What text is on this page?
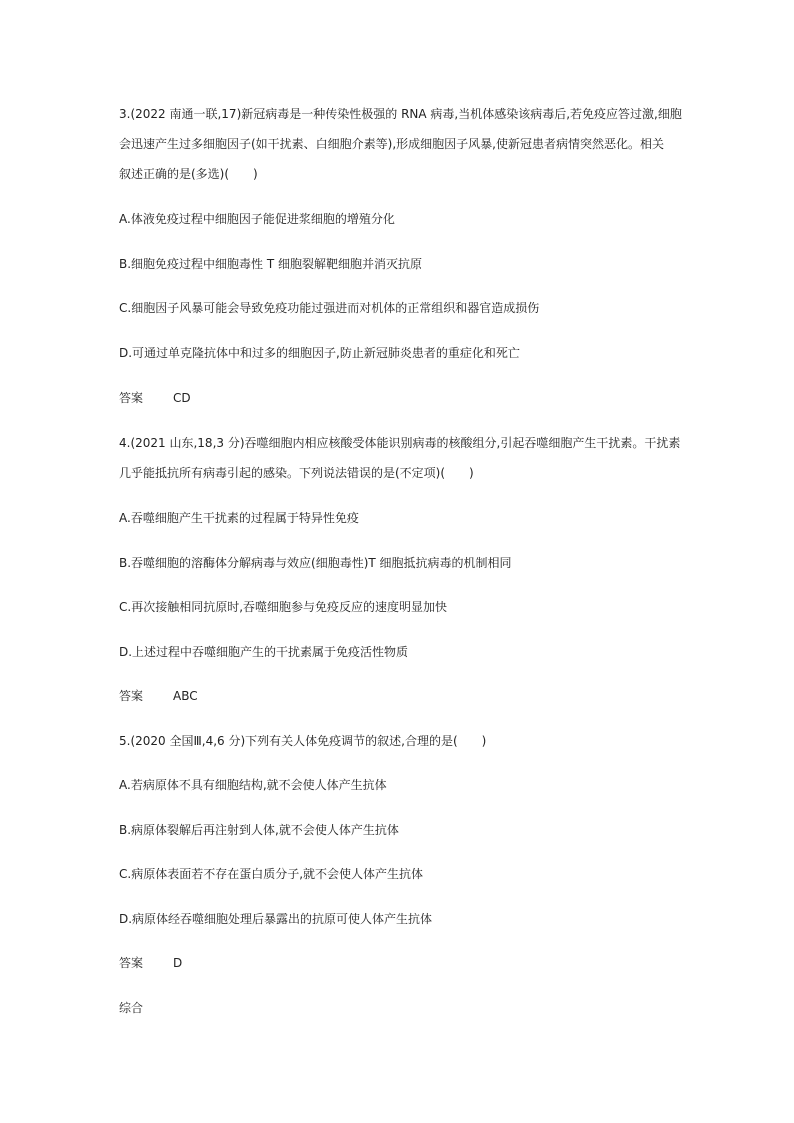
3.(2022 南通一联,17)新冠病毒是一种传染性极强的 RNA 病毒,当机体感染该病毒后,若免疫应答过激,细胞
会迅速产生过多细胞因子(如干扰素、白细胞介素等),形成细胞因子风暴,使新冠患者病情突然恶化。相关
叙述正确的是(多选)(　　)
A.体液免疫过程中细胞因子能促进浆细胞的增殖分化
B.细胞免疫过程中细胞毒性 T 细胞裂解靶细胞并消灭抗原
C.细胞因子风暴可能会导致免疫功能过强进而对机体的正常组织和器官造成损伤
D.可通过单克隆抗体中和过多的细胞因子,防止新冠肺炎患者的重症化和死亡
答案 CD
4.(2021 山东,18,3 分)吞噬细胞内相应核酸受体能识别病毒的核酸组分,引起吞噬细胞产生干扰素。干扰素
几乎能抵抗所有病毒引起的感染。下列说法错误的是(不定项)(　　)
A.吞噬细胞产生干扰素的过程属于特异性免疫
B.吞噬细胞的溶酶体分解病毒与效应(细胞毒性)T 细胞抵抗病毒的机制相同
C.再次接触相同抗原时,吞噬细胞参与免疫反应的速度明显加快
D.上述过程中吞噬细胞产生的干扰素属于免疫活性物质
答案 ABC
5.(2020 全国Ⅲ,4,6 分)下列有关人体免疫调节的叙述,合理的是(　　)
A.若病原体不具有细胞结构,就不会使人体产生抗体
B.病原体裂解后再注射到人体,就不会使人体产生抗体
C.病原体表面若不存在蛋白质分子,就不会使人体产生抗体
D.病原体经吞噬细胞处理后暴露出的抗原可使人体产生抗体
答案 D
综合
